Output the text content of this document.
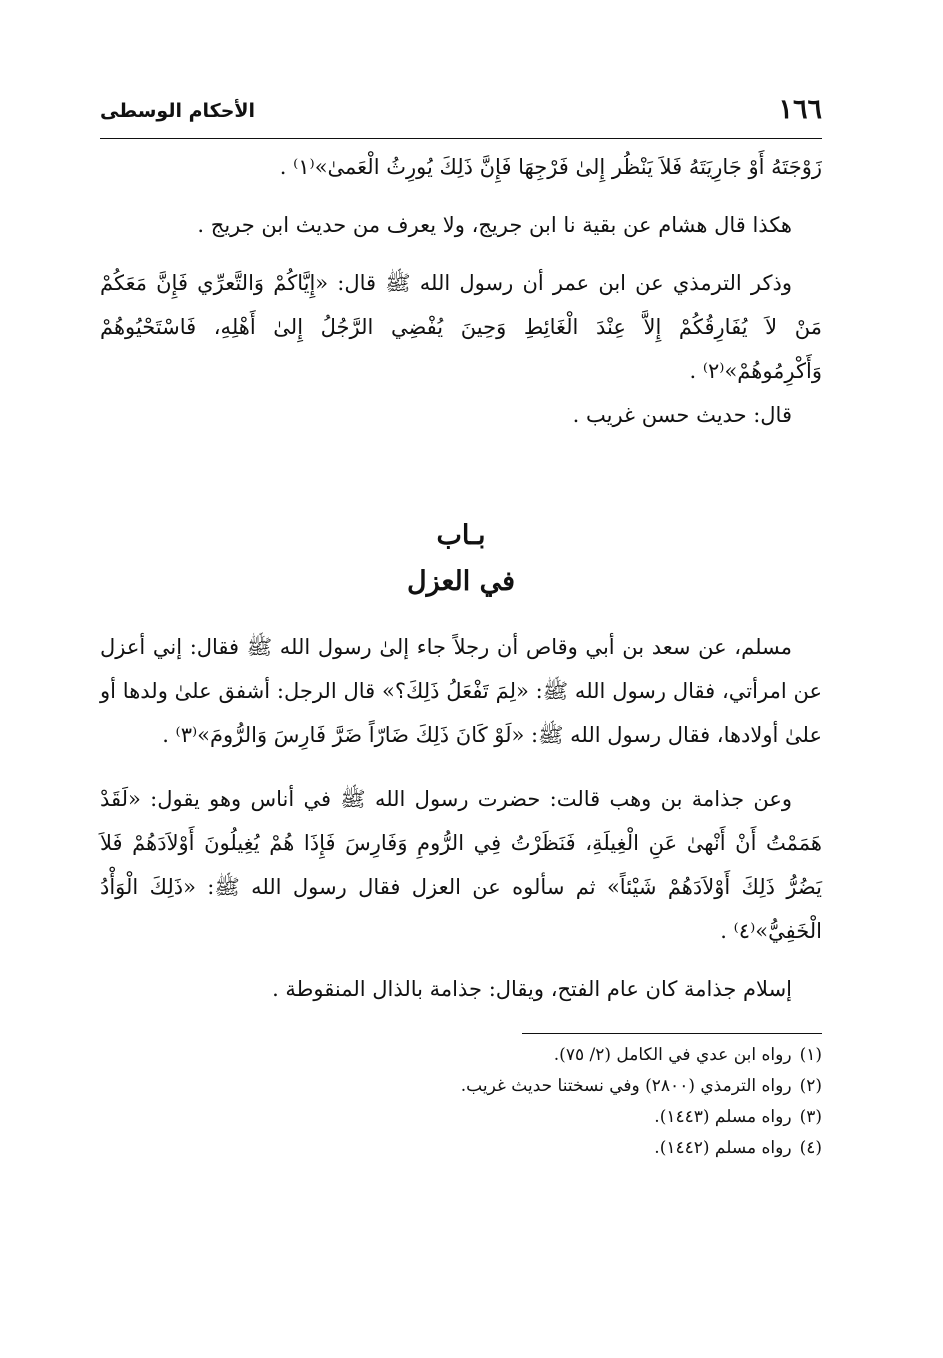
١٦٦
الأحكام الوسطى

زَوْجَتَهُ أَوْ جَارِيَتَهُ فَلاَ يَنْظُر إِلىٰ فَرْجِهَا فَإِنَّ ذَلِكَ يُورِثُ الْعَمىٰ»⁽١⁾ .

هكذا قال هشام عن بقية نا ابن جريج، ولا يعرف من حديث ابن جريج .

وذكر الترمذي عن ابن عمر أن رسول الله ﷺ قال: «إِيَّاكُمْ وَالتَّعرِّي فَإِنَّ مَعَكُمْ مَنْ لاَ يُفَارِقُكُمْ إِلاَّ عِنْدَ الْغَائِطِ وَحِينَ يُفْضِي الرَّجُلُ إِلىٰ أَهْلِهِ، فَاسْتَحْيُوهُمْ وَأَكْرِمُوهُمْ»⁽٢⁾ .

قال: حديث حسن غريب .

بـاب

في العزل

مسلم، عن سعد بن أبي وقاص أن رجلاً جاء إلىٰ رسول الله ﷺ فقال: إني أعزل عن امرأتي، فقال رسول الله ﷺ: «لِمَ تَفْعَلُ ذَلِكَ؟» قال الرجل: أشفق علىٰ ولدها أو علىٰ أولادها، فقال رسول الله ﷺ: «لَوْ كَانَ ذَلِكَ ضَارّاً ضَرَّ فَارِسَ وَالرُّومَ»⁽٣⁾ .

وعن جذامة بن وهب قالت: حضرت رسول الله ﷺ في أناس وهو يقول: «لَقَدْ هَمَمْتُ أَنْ أَنْهىٰ عَنِ الْغِيلَةِ، فَنَظَرْتُ فِي الرُّومِ وَفَارِسَ فَإِذَا هُمْ يُغِيلُونَ أَوْلاَدَهُمْ فَلاَ يَضُرُّ ذَلِكَ أَوْلاَدَهُمْ شَيْئاً» ثم سألوه عن العزل فقال رسول الله ﷺ: «ذَلِكَ الْوَأْدُ الْخَفِيُّ»⁽٤⁾ .

إسلام جذامة كان عام الفتح، ويقال: جذامة بالذال المنقوطة .

(١)رواه ابن عدي في الكامل (٢/ ٧٥).

(٢)رواه الترمذي (٢٨٠٠) وفي نسختنا حديث غريب.

(٣)رواه مسلم (١٤٤٣).

(٤)رواه مسلم (١٤٤٢).
